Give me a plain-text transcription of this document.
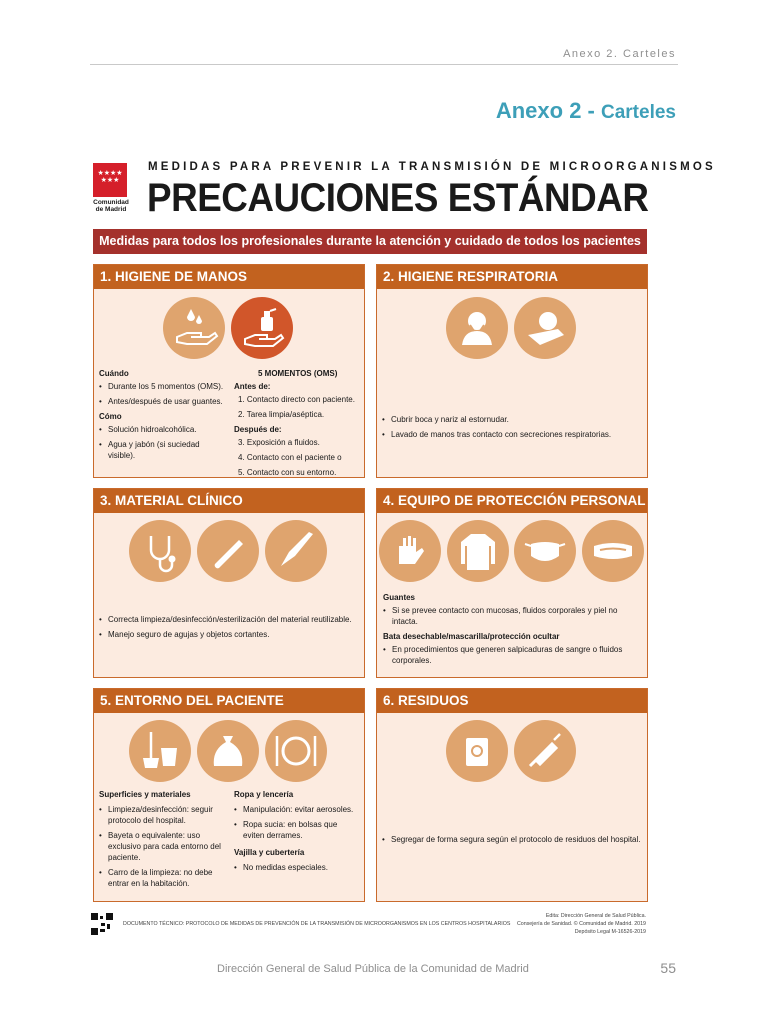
Anexo 2. Carteles
Anexo 2 - Carteles
★★★★
★★★
Comunidad
de Madrid
MEDIDAS PARA PREVENIR LA TRANSMISIÓN DE MICROORGANISMOS
PRECAUCIONES ESTÁNDAR
Medidas para todos los profesionales durante la atención y cuidado de todos los pacientes
1. HIGIENE DE MANOS
Cuándo
• Durante los 5 momentos (OMS).
• Antes/después de usar guantes.
Cómo
• Solución hidroalcohólica.
• Agua y jabón (si suciedad visible).
5 MOMENTOS (OMS)
Antes de:
1. Contacto directo con paciente.
2. Tarea limpia/aséptica.
Después de:
3. Exposición a fluidos.
4. Contacto con el paciente o
5. Contacto con su entorno.
2. HIGIENE RESPIRATORIA
• Cubrir boca y nariz al estornudar.
• Lavado de manos tras contacto con secreciones respiratorias.
3. MATERIAL CLÍNICO
• Correcta limpieza/desinfección/esterilización del material reutilizable.
• Manejo seguro de agujas y objetos cortantes.
4. EQUIPO DE PROTECCIÓN PERSONAL
Guantes
• Si se prevee contacto con mucosas, fluidos corporales y piel no intacta.
Bata desechable/mascarilla/protección ocultar
• En procedimientos que generen salpicaduras de sangre o fluidos corporales.
5. ENTORNO DEL PACIENTE
Superficies y materiales
• Limpieza/desinfección: seguir protocolo del hospital.
• Bayeta o equivalente: uso exclusivo para cada entorno del paciente.
• Carro de la limpieza: no debe entrar en la habitación.
Ropa y lencería
• Manipulación: evitar aerosoles.
• Ropa sucia: en bolsas que eviten derrames.
Vajilla y cubertería
• No medidas especiales.
6. RESIDUOS
• Segregar de forma segura según el protocolo de residuos del hospital.
DOCUMENTO TÉCNICO: PROTOCOLO DE MEDIDAS DE PREVENCIÓN DE LA TRANSMISIÓN DE MICROORGANISMOS EN LOS CENTROS HOSPITALARIOS
Edita: Dirección General de Salud Pública.
Consejería de Sanidad. © Comunidad de Madrid. 2019
Depósito Legal M-16526-2019
Dirección General de Salud Pública de la Comunidad de Madrid	55
